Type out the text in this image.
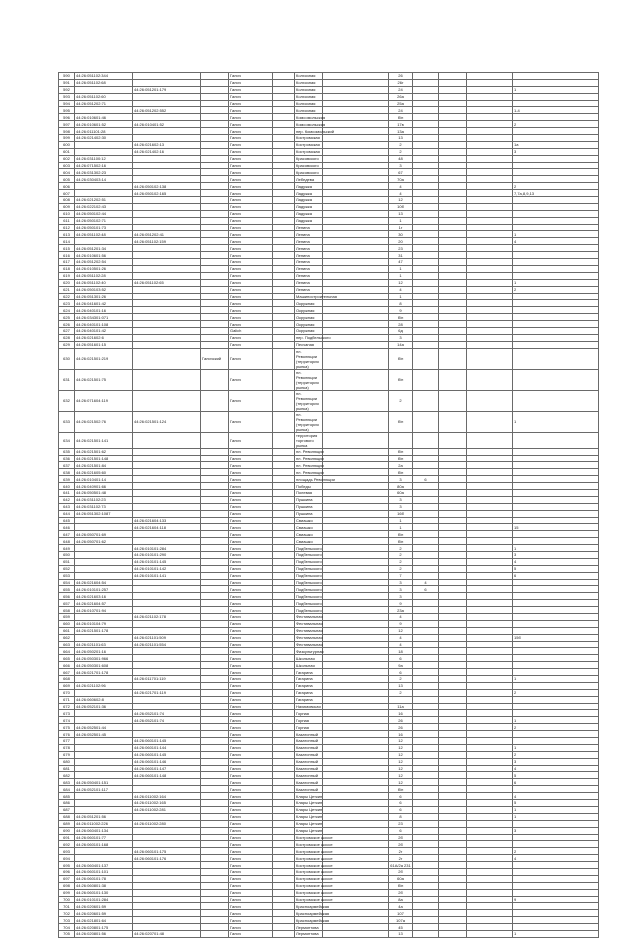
590	44:26:051102:344			Галич		Колхозная		26				
591	44:26:051102:68			Галич		Колхозная		26г				
592		44:26:051201:179		Галич		Колхозная		24				1
593	44:26:051102:60			Галич		Колхозная		26а				
594	44:26:051202:71			Галич		Колхозная		25а				
595		44:26:051202:552		Галич		Колхозная		24				1-4
596	44:26:010601:46			Галич		Комсомольская		б/н				
597	44:26:010601:52	44:26:010401:52		Галич		Комсомольская		17в				2
598	44:26:011101:28			Галич		пер. Комсомольский		13а				
599	44:26:021402:30			Галич		Костромская		13				
600		44:26:021602:13		Галич		Костромская		2				1а
601		44:26:021402:16		Галич		Костромская		2				3
602	44:26:031100:12			Галич		Красовского		48				
603	44:26:071502:16			Галич		Красовского		3				
604	44:26:031302:23			Галич		Красовского		67				
605	44:26:030403:14			Галич		Лебедева		70а				
606		44:26:050102:138		Галич		Ладужка		4				2
607		44:26:050102:165		Галич		Ладужка		4				7,7а,8,9,13
608	44:26:021202:51			Галич		Ладужка		12				
609	44:26:022102:43			Галич		Ладужка		10б				
610	44:26:050102:44			Галич		Ладужка		13				
611	44:26:050102:71			Галич		Ладужка		1				
612	44:26:050101:73			Галич		Ленина		1г				
613	44:26:051102:48	44:26:051202:41		Галич		Ленина		30				1
614		44:26:051102:159		Галич		Ленина		20				4
615	44:26:051201:34			Галич		Ленина		23				
616	44:26:010601:56			Галич		Ленина		31				
617	44:26:051202:54			Галич		Ленина		47				
618	44:26:010501:26			Галич		Ленина		1				
619	44:26:051102:28			Галич		Ленина		1				
620	44:26:051102:40	44:26:051102:65		Галич		Ленина		12				1
621	44:26:050103:52			Галич		Ленина		4				2
622	44:26:051301:26			Галич		Машиностроительная		1				
623	44:26:041601:42			Галич		Окружная		8				
624	44:26:040101:16			Галич		Окружная		9				
625	44:26:034301:071			Галич		Окружная		б/н				
626	44:26:040101:108			Галич		Окружная		28				
627	44:26:040101:42			Galich		Окружная		6д				
628	44:26:021602:6			Галич		пер. Подбельского		3				
629	44:26:051601:15			Галич		Песчаная		14а				
630	44:26:021501:219		Галичский	Галич		пл. Революции (территория рынка)		б/н				
631	44:26:021501:75			Галич		пл. Революции (территория рынка)		б/н				
632	44:26:071604:119			Галич		пл. Революции (территория рынка)		2				
633	44:26:021502:76	44:26:021501:124		Галич		пл. Революции (территория рынка)		б/н				1
634	44:26:021501:141			Галич		территория торгового рынка						
635	44:26:021501:62			Галич		пл. Революции		б/н				
636	44:26:021501:148			Галич		пл. Революции		б/н				
637	44:26:021501:84			Галич		пл. Революции		2а				
638	44:26:021605:60			Галич		пл. Революции		б/н				
639	44:26:010401:14			Галич		площадь Революции		3	6			
640	44:26:040901:66			Галич		Победы		80а				
641	44:26:050501:48			Галич		Полевая		60а				
642	44:26:031102:23			Галич		Пушкина		3				
643	44:26:031102:73			Галич		Пушкина		3				
644	44:26:051302:1087			Галич		Пушкина		16б				
645		44:26:021604:133		Галич		Свиашко		1				
646		44:26:021604:118		Галич		Свиашко		1				15
647	44:26:050701:69			Галич		Свиашко		б/н				
648	44:26:050701:62			Галич		Свиашко		б/н				
649		44:26:010101:284		Галич		Подбельского		2				1
650		44:26:010101:290		Галич		Подбельского		2				3
651		44:26:010101:145		Галич		Подбельского		2				4
652		44:26:010101:142		Галич		Подбельского		2				5
653		44:26:010101:141		Галич		Подбельского		7				6
654	44:26:021604:54			Галич		Подбельского		3	4			
655	44:26:010101:257			Галич		Подбельского		3	6			
656	44:26:021603:16			Галич		Подбельского		3				
657	44:26:021604:57			Галич		Подбельского		9				
658	44:26:010701:94			Галич		Подбельского		23а				
659		44:26:021102:178		Галич		Фестивальная		4				
660	44:26:010104:79			Галич		Фестивальная		9				
661	44:26:021501:178			Галич		Фестивальная		12				
662		44:26:021101:509		Галич		Фестивальная		4				15б
663	44:26:021101:63	44:26:021101:554		Галич		Фестивальная		4				
664	44:26:050201:16			Галич		Физкультурная		18				
665	44:26:050301:966			Галич		Школьная		6				
666	44:26:050301:608			Галич		Школьная		9а				
667	44:26:021701:178			Галич		Гагарина		6				
668		44:26:011701:119		Галич		Гагарина		2				1
669	44:26:021102:96			Галич		Гагарина		13				
670		44:26:021701:119		Галич		Гагарина		2				2
671	44:26:060602:8			Галич		Гагарина						
672	44:26:052101:36			Галич		Нахимовская		11а				
673		44:26:052101:74		Галич		Горная		16				
674		44:26:052101:74		Галич		Горная		26				1
675	44:26:052501:44			Галич		Горная		26				2
676	44:26:052501:45			Галич		Казатонный		16				
677		44:26:060101:145		Галич		Казатонный		12				
678		44:26:060101:144		Галич		Казатонный		12				1
679		44:26:060101:145		Галич		Казатонный		12				2
680		44:26:060101:146		Галич		Казатонный		12				3
681		44:26:060101:147		Галич		Казатонный		12				4
682		44:26:060101:148		Галич		Казатонный		12				5
683	44:26:050401:151			Галич		Казатонный		12				6
684	44:26:052101:117			Галич		Казатонный		б/н				
685		44:26:011002:164		Галич		Клары Цеткин		6				4
686		44:26:011002:165		Галич		Клары Цеткин		6				5
687		44:26:011002:281		Галич		Клары Цеткин		6				1
688	44:26:051201:56			Галич		Клары Цеткин		8				1
689	44:26:011002:226	44:26:011002:280		Галич		Клары Цеткин		23				
690	44:26:060401:134			Галич		Клары Цеткин		6				3
691	44:26:060101:77			Галич		Костромское шоссе		2б				
692	44:26:060101:168			Галич		Костромское шоссе		2б				
693		44:26:060101:175		Галич		Костромское шоссе		2г				2
694		44:26:060101:176		Галич		Костромское шоссе		2г				4
695	44:26:060401:137			Галич		Костромское шоссе		61А/2а 231				
696	44:26:060101:101			Галич		Костромское шоссе		2б				
697	44:26:060101:78			Галич		Костромское шоссе		60а				
698	44:26:060801:38			Галич		Костромское шоссе		б/н				
699	44:26:060101:130			Галич		Костромское шоссе		2б				
700	44:26:010101:284			Галич		Костромское шоссе		8а				9
701	44:26:020601:59			Галич		Красноармейская		4а				
702	44:26:020601:59			Галич		Красноармейская		107				
703	44:26:021801:64			Галич		Красноармейская		107а				
704	44:26:020801:175			Галич		Лермонтова		45				
705	44:26:020801:56	44:26:020701:48		Галич		Лермонтова		13				1
